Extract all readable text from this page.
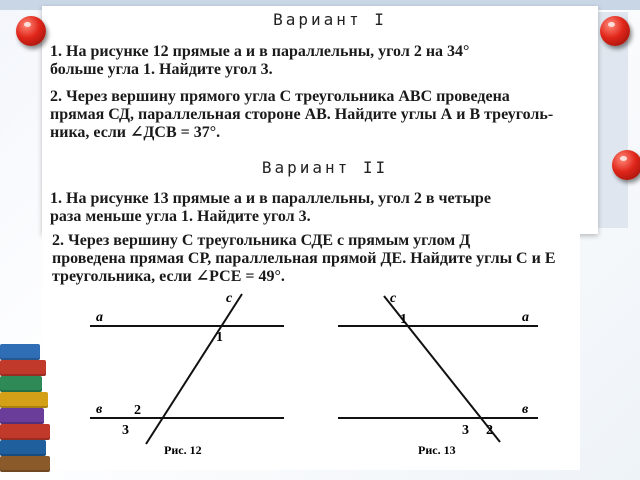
Вариант I
1. На рисунке 12 прямые а и в параллельны, угол 2 на 34°
больше угла 1. Найдите угол 3.
2. Через вершину прямого угла С треугольника АВС проведена
прямая СД, параллельная стороне АВ. Найдите углы А и В треуголь-
ника, если ∠ДСВ = 37°.
Вариант II
1. На рисунке 13 прямые а и в параллельны, угол 2 в четыре
раза меньше угла 1. Найдите угол 3.
2. Через вершину С треугольника СДЕ с прямым углом Д
проведена прямая СР, параллельная прямой ДЕ. Найдите углы С и Е
треугольника, если ∠РСЕ = 49°.
с
а
в
1
2
3
Рис. 12
с
а
в
1
3 2
Рис. 13
